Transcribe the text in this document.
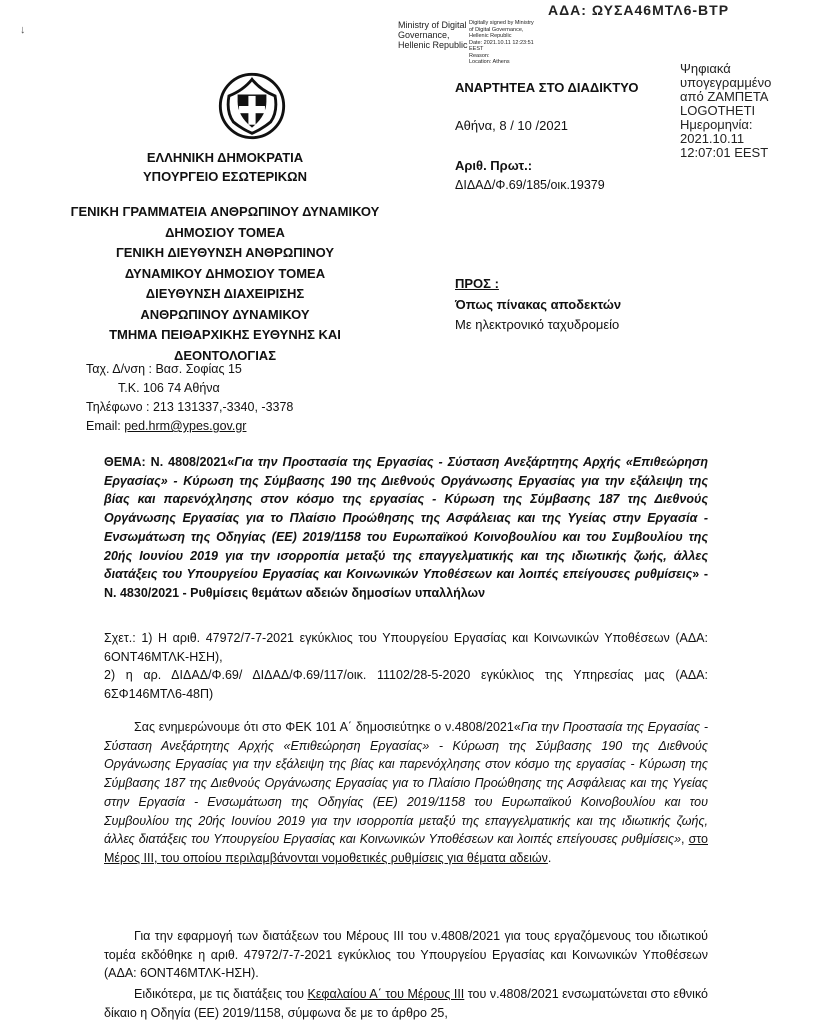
ΑΔΑ: ΩΥΣΑ46ΜΤΛ6-ΒΤΡ
↓	Ministry of Digital
Governance,
Hellenic Republic
Digitally signed by Ministry
of Digital Governance,
Hellenic Republic
Date: 2021.10.11 12:23:51
EEST
Reason:
Location: Athens
ΑΝΑΡΤΗΤΕΑ ΣΤΟ ΔΙΑΔΙΚΤΥΟ
Ψηφιακά
υπογεγραμμένο
από ΖΑΜΠΕΤΑ
LOGOTHETI
Ημερομηνία:
2021.10.11
12:07:01 EEST
Αθήνα, 8 / 10 /2021
Αριθ. Πρωτ.:
ΔΙΔΑΔ/Φ.69/185/οικ.19379
ΕΛΛΗΝΙΚΗ ΔΗΜΟΚΡΑΤΙΑ
ΥΠΟΥΡΓΕΙΟ ΕΣΩΤΕΡΙΚΩΝ
ΓΕΝΙΚΗ ΓΡΑΜΜΑΤΕΙΑ ΑΝΘΡΩΠΙΝΟΥ ΔΥΝΑΜΙΚΟΥ
ΔΗΜΟΣΙΟΥ ΤΟΜΕΑ
ΓΕΝΙΚΗ ΔΙΕΥΘΥΝΣΗ ΑΝΘΡΩΠΙΝΟΥ
ΔΥΝΑΜΙΚΟΥ ΔΗΜΟΣΙΟΥ ΤΟΜΕΑ
ΔΙΕΥΘΥΝΣΗ ΔΙΑΧΕΙΡΙΣΗΣ
ΑΝΘΡΩΠΙΝΟΥ ΔΥΝΑΜΙΚΟΥ
ΤΜΗΜΑ ΠΕΙΘΑΡΧΙΚΗΣ ΕΥΘΥΝΗΣ ΚΑΙ
ΔΕΟΝΤΟΛΟΓΙΑΣ
Ταχ. Δ/νση : Βασ. Σοφίας 15
Τ.Κ. 106 74 Αθήνα
Τηλέφωνο : 213 131337,-3340, -3378
Email: ped.hrm@ypes.gov.gr
ΠΡΟΣ :
Όπως πίνακας αποδεκτών
Με ηλεκτρονικό ταχυδρομείο
ΘΕΜΑ: Ν. 4808/2021«Για την Προστασία της Εργασίας - Σύσταση Ανεξάρτητης Αρχής «Επιθεώρηση Εργασίας» - Κύρωση της Σύμβασης 190 της Διεθνούς Οργάνωσης Εργασίας για την εξάλειψη της βίας και παρενόχλησης στον κόσμο της εργασίας - Κύρωση της Σύμβασης 187 της Διεθνούς Οργάνωσης Εργασίας για το Πλαίσιο Προώθησης της Ασφάλειας και της Υγείας στην Εργασία - Ενσωμάτωση της Οδηγίας (ΕΕ) 2019/1158 του Ευρωπαϊκού Κοινοβουλίου και του Συμβουλίου της 20ής Ιουνίου 2019 για την ισορροπία μεταξύ της επαγγελματικής και της ιδιωτικής ζωής, άλλες διατάξεις του Υπουργείου Εργασίας και Κοινωνικών Υποθέσεων και λοιπές επείγουσες ρυθμίσεις» - Ν. 4830/2021 - Ρυθμίσεις θεμάτων αδειών δημοσίων υπαλλήλων
Σχετ.: 1) Η αριθ. 47972/7-7-2021 εγκύκλιος του Υπουργείου Εργασίας και Κοινωνικών Υποθέσεων (ΑΔΑ: 6ΟΝΤ46ΜΤΛΚ-ΗΣΗ),
2) η αρ. ΔΙΔΑΔ/Φ.69/ ΔΙΔΑΔ/Φ.69/117/οικ. 11102/28-5-2020 εγκύκλιος της Υπηρεσίας μας (ΑΔΑ: 6ΣΦ146ΜΤΛ6-48Π)
Σας ενημερώνουμε ότι στο ΦΕΚ 101 Α΄ δημοσιεύτηκε ο ν.4808/2021«Για την Προστασία της Εργασίας - Σύσταση Ανεξάρτητης Αρχής «Επιθεώρηση Εργασίας» - Κύρωση της Σύμβασης 190 της Διεθνούς Οργάνωσης Εργασίας για την εξάλειψη της βίας και παρενόχλησης στον κόσμο της εργασίας - Κύρωση της Σύμβασης 187 της Διεθνούς Οργάνωσης Εργασίας για το Πλαίσιο Προώθησης της Ασφάλειας και της Υγείας στην Εργασία - Ενσωμάτωση της Οδηγίας (ΕΕ) 2019/1158 του Ευρωπαϊκού Κοινοβουλίου και του Συμβουλίου της 20ής Ιουνίου 2019 για την ισορροπία μεταξύ της επαγγελματικής και της ιδιωτικής ζωής, άλλες διατάξεις του Υπουργείου Εργασίας και Κοινωνικών Υποθέσεων και λοιπές επείγουσες ρυθμίσεις», στο Μέρος ΙΙΙ, του οποίου περιλαμβάνονται νομοθετικές ρυθμίσεις για θέματα αδειών.
Για την εφαρμογή των διατάξεων του Μέρους ΙΙΙ του ν.4808/2021 για τους εργαζόμενους του ιδιωτικού τομέα εκδόθηκε η αριθ. 47972/7-7-2021 εγκύκλιος του Υπουργείου Εργασίας και Κοινωνικών Υποθέσεων (ΑΔΑ: 6ΟΝΤ46ΜΤΛΚ-ΗΣΗ).
Ειδικότερα, με τις διατάξεις του Κεφαλαίου Α΄ του Μέρους ΙΙΙ του ν.4808/2021 ενσωματώνεται στο εθνικό δίκαιο η Οδηγία (ΕΕ) 2019/1158, σύμφωνα δε με το άρθρο 25,
